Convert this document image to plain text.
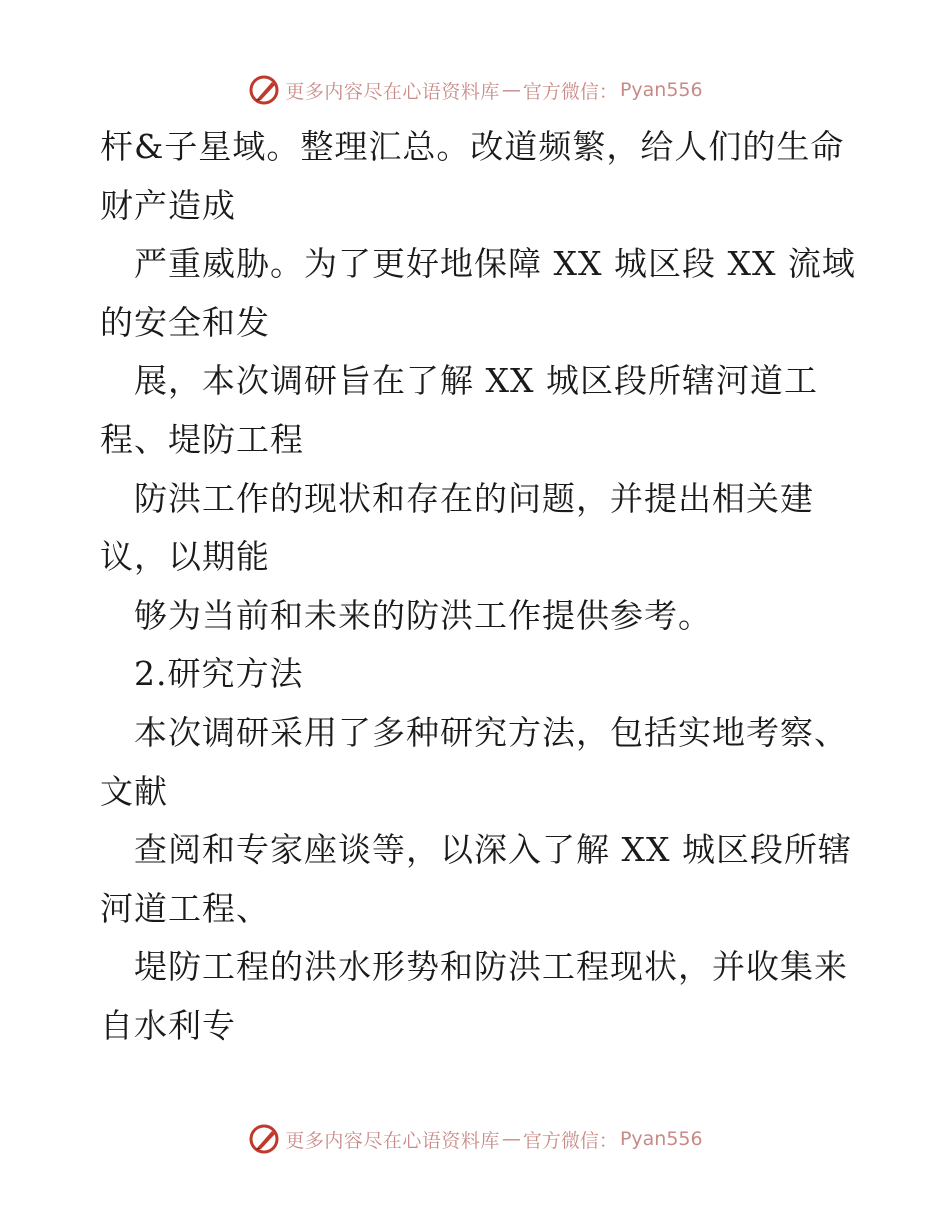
更多内容尽在心语资料库 — 官方微信： Pyan556
杆&子星域。整理汇总。改道频繁，给人们的生命
财产造成
严重威胁。为了更好地保障 XX 城区段 XX 流域
的安全和发
展，本次调研旨在了解 XX 城区段所辖河道工
程、堤防工程
防洪工作的现状和存在的问题，并提出相关建
议，以期能
够为当前和未来的防洪工作提供参考。
2.研究方法
本次调研采用了多种研究方法，包括实地考察、
文献
查阅和专家座谈等，以深入了解 XX 城区段所辖
河道工程、
堤防工程的洪水形势和防洪工程现状，并收集来
自水利专
更多内容尽在心语资料库 — 官方微信： Pyan556
